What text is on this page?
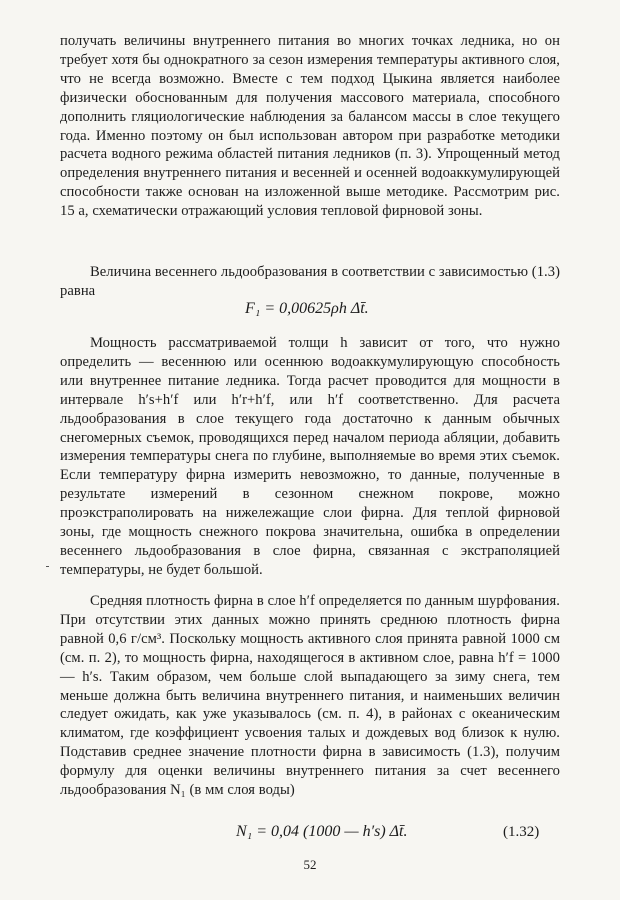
получать величины внутреннего питания во многих точках ледника, но он требует хотя бы однократного за сезон измерения температуры активного слоя, что не всегда возможно. Вместе с тем подход Цыкина является наиболее физически обоснованным для получения массового материала, способного дополнить гляциологические наблюдения за балансом массы в слое текущего года. Именно поэтому он был использован автором при разработке методики расчета водного режима областей питания ледников (п. 3). Упрощенный метод определения внутреннего питания и весенней и осенней водоаккумулирующей способности также основан на изложенной выше методике. Рассмотрим рис. 15 а, схематически отражающий условия тепловой фирновой зоны.
Величина весеннего льдообразования в соответствии с зависимостью (1.3) равна
F₁ = 0,00625ρh Δt̄.
Мощность рассматриваемой толщи h зависит от того, что нужно определить — весеннюю или осеннюю водоаккумулирующую способность или внутреннее питание ледника. Тогда расчет проводится для мощности в интервале h′s+h′f или h′r+h′f, или h′f соответственно. Для расчета льдообразования в слое текущего года достаточно к данным обычных снегомерных съемок, проводящихся перед началом периода абляции, добавить измерения температуры снега по глубине, выполняемые во время этих съемок. Если температуру фирна измерить невозможно, то данные, полученные в результате измерений в сезонном снежном покрове, можно проэкстраполировать на нижележащие слои фирна. Для теплой фирновой зоны, где мощность снежного покрова значительна, ошибка в определении весеннего льдообразования в слое фирна, связанная с экстраполяцией температуры, не будет большой.
Средняя плотность фирна в слое h′f определяется по данным шурфования. При отсутствии этих данных можно принять среднюю плотность фирна равной 0,6 г/см³. Поскольку мощность активного слоя принята равной 1000 см (см. п. 2), то мощность фирна, находящегося в активном слое, равна h′f = 1000 — h′s. Таким образом, чем больше слой выпадающего за зиму снега, тем меньше должна быть величина внутреннего питания, и наименьших величин следует ожидать, как уже указывалось (см. п. 4), в районах с океаническим климатом, где коэффициент усвоения талых и дождевых вод близок к нулю. Подставив среднее значение плотности фирна в зависимость (1.3), получим формулу для оценки величины внутреннего питания за счет весеннего льдообразования N₁ (в мм слоя воды)
N₁ = 0,04 (1000 — h′s) Δt̄.	(1.32)
52
